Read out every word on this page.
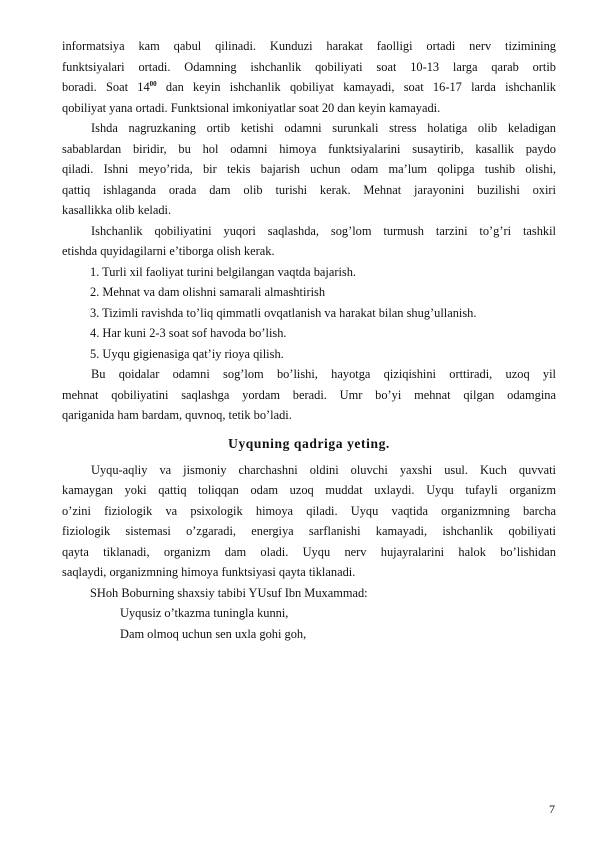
informatsiya kam qabul qilinadi. Kunduzi harakat faolligi ortadi nerv tizimining
funktsiyalari ortadi. Odamning ishchanlik qobiliyati soat 10-13 larga qarab ortib
boradi. Soat $14^{00}$ dan keyin ishchanlik qobiliyat kamayadi, soat 16-17 larda ishchanlik
qobiliyat yana ortadi. Funktsional imkoniyatlar soat 20 dan keyin kamayadi.
Ishda nagruzkaning ortib ketishi odamni surunkali stress holatiga olib keladigan
sabablardan biridir, bu hol odamni himoya funktsiyalarini susaytirib, kasallik paydo
qiladi. Ishni meyo’rida, bir tekis bajarish uchun odam ma’lum qolipga tushib olishi,
qattiq ishlaganda orada dam olib turishi kerak. Mehnat jarayonini buzilishi oxiri
kasallikka olib keladi.
Ishchanlik qobiliyatini yuqori saqlashda, sog’lom turmush tarzini to’g’ri tashkil
etishda quyidagilarni e’tiborga olish kerak.
1. Turli xil faoliyat turini belgilangan vaqtda bajarish.
2. Mehnat va dam olishni samarali almashtirish
3. Tizimli ravishda to’liq qimmatli ovqatlanish va harakat bilan shug’ullanish.
4. Har kuni 2-3 soat sof havoda bo’lish.
5. Uyqu gigienasiga qat’iy rioya qilish.
Bu qoidalar odamni sog’lom bo’lishi, hayotga qiziqishini orttiradi, uzoq yil
mehnat qobiliyatini saqlashga yordam beradi. Umr bo’yi mehnat qilgan odamgina
qariganida ham bardam, quvnoq, tetik bo’ladi.
Uyquning qadriga yeting.
Uyqu-aqliy va jismoniy charchashni oldini oluvchi yaxshi usul. Kuch quvvati
kamaygan yoki qattiq toliqqan odam uzoq muddat uxlaydi. Uyqu tufayli organizm
o’zini fiziologik va psixologik himoya qiladi. Uyqu vaqtida organizmning barcha
fiziologik sistemasi o’zgaradi, energiya sarflanishi kamayadi, ishchanlik qobiliyati
qayta tiklanadi, organizm dam oladi. Uyqu nerv hujayralarini halok bo’lishidan
saqlaydi, organizmning himoya funktsiyasi qayta tiklanadi.
SHoh Boburning shaxsiy tabibi YUsuf Ibn Muxammad:
Uyqusiz o’tkazma tuningla kunni,
Dam olmoq uchun sen uxla gohi goh,
7
